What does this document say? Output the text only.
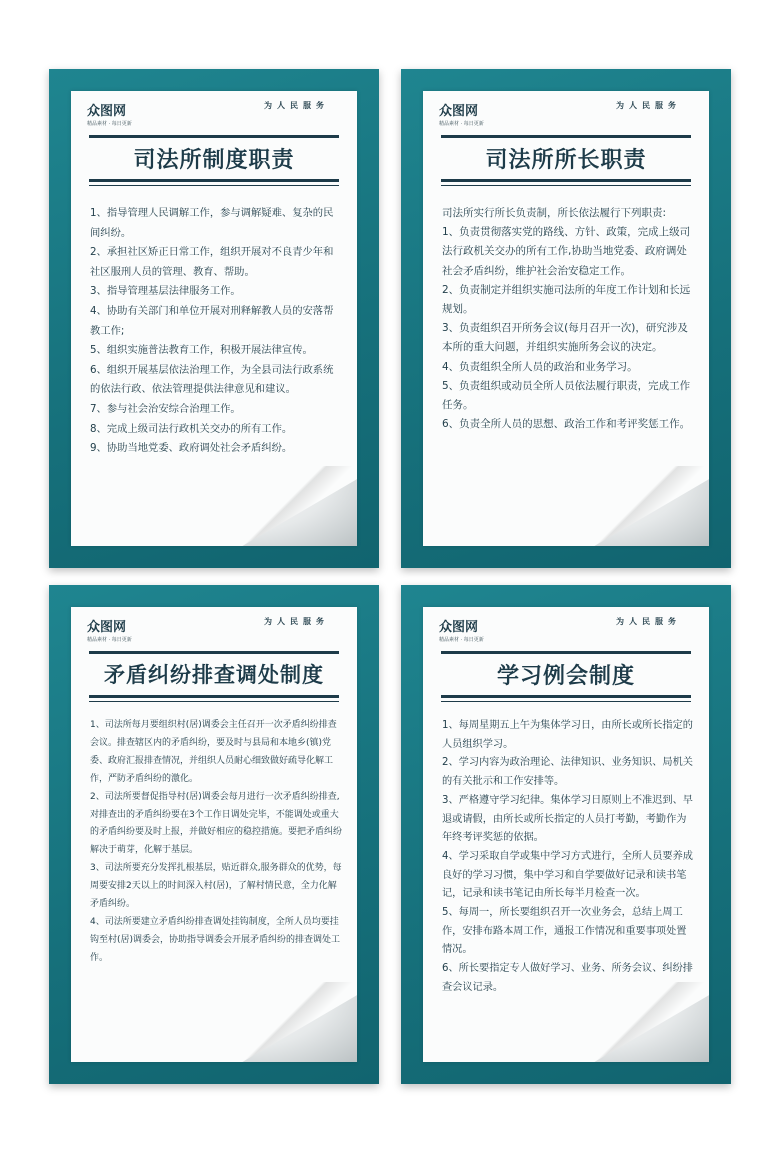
众图网
精品素材 · 每日更新
为人民服务
司法所制度职责

1、指导管理人民调解工作，参与调解疑难、复杂的民间纠纷。

2、承担社区矫正日常工作，组织开展对不良青少年和社区服刑人员的管理、教育、帮助。

3、指导管理基层法律服务工作。

4、协助有关部门和单位开展对刑释解教人员的安落帮教工作;

5、组织实施普法教育工作，积极开展法律宣传。

6、组织开展基层依法治理工作，为全县司法行政系统的依法行政、依法管理提供法律意见和建议。

7、参与社会治安综合治理工作。

8、完成上级司法行政机关交办的所有工作。

9、协助当地党委、政府调处社会矛盾纠纷。

众图网
精品素材 · 每日更新
为人民服务
司法所所长职责

司法所实行所长负责制，所长依法履行下列职责:

1、负责贯彻落实党的路线、方针、政策，完成上级司法行政机关交办的所有工作,协助当地党委、政府调处社会矛盾纠纷，维护社会治安稳定工作。

2、负责制定并组织实施司法所的年度工作计划和长远规划。

3、负责组织召开所务会议(每月召开一次)，研究涉及本所的重大问题，并组织实施所务会议的决定。

4、负责组织全所人员的政治和业务学习。

5、负责组织或动员全所人员依法履行职责，完成工作任务。

6、负责全所人员的思想、政治工作和考评奖惩工作。

众图网
精品素材 · 每日更新
为人民服务
矛盾纠纷排查调处制度

1、司法所每月要组织村(居)调委会主任召开一次矛盾纠纷排查会议。排查辖区内的矛盾纠纷，要及时与县局和本地乡(镇)党委、政府汇报排查情况，并组织人员耐心细致做好疏导化解工作，严防矛盾纠纷的激化。

2、司法所要督促指导村(居)调委会每月进行一次矛盾纠纷排查,对排查出的矛盾纠纷要在3个工作日调处完毕，不能调处或重大的矛盾纠纷要及时上报，并做好相应的稳控措施。要把矛盾纠纷解决于萌芽，化解于基层。

3、司法所要充分发挥扎根基层，贴近群众,服务群众的优势，每周要安排2天以上的时间深入村(居)，了解村情民意，全力化解矛盾纠纷。

4、司法所要建立矛盾纠纷排查调处挂钩制度，全所人员均要挂钩至村(居)调委会，协助指导调委会开展矛盾纠纷的排查调处工作。

众图网
精品素材 · 每日更新
为人民服务
学习例会制度

1、每周星期五上午为集体学习日，由所长或所长指定的人员组织学习。

2、学习内容为政治理论、法律知识、业务知识、局机关的有关批示和工作安排等。

3、严格遵守学习纪律。集体学习日原则上不准迟到、早退或请假，由所长或所长指定的人员打考勤，考勤作为年终考评奖惩的依据。

4、学习采取自学或集中学习方式进行，全所人员要养成良好的学习习惯，集中学习和自学要做好记录和读书笔记，记录和读书笔记由所长每半月检查一次。

5、每周一，所长要组织召开一次业务会，总结上周工作，安排布路本周工作，通报工作情况和重要事项处置情况。

6、所长要指定专人做好学习、业务、所务会议、纠纷排查会议记录。
